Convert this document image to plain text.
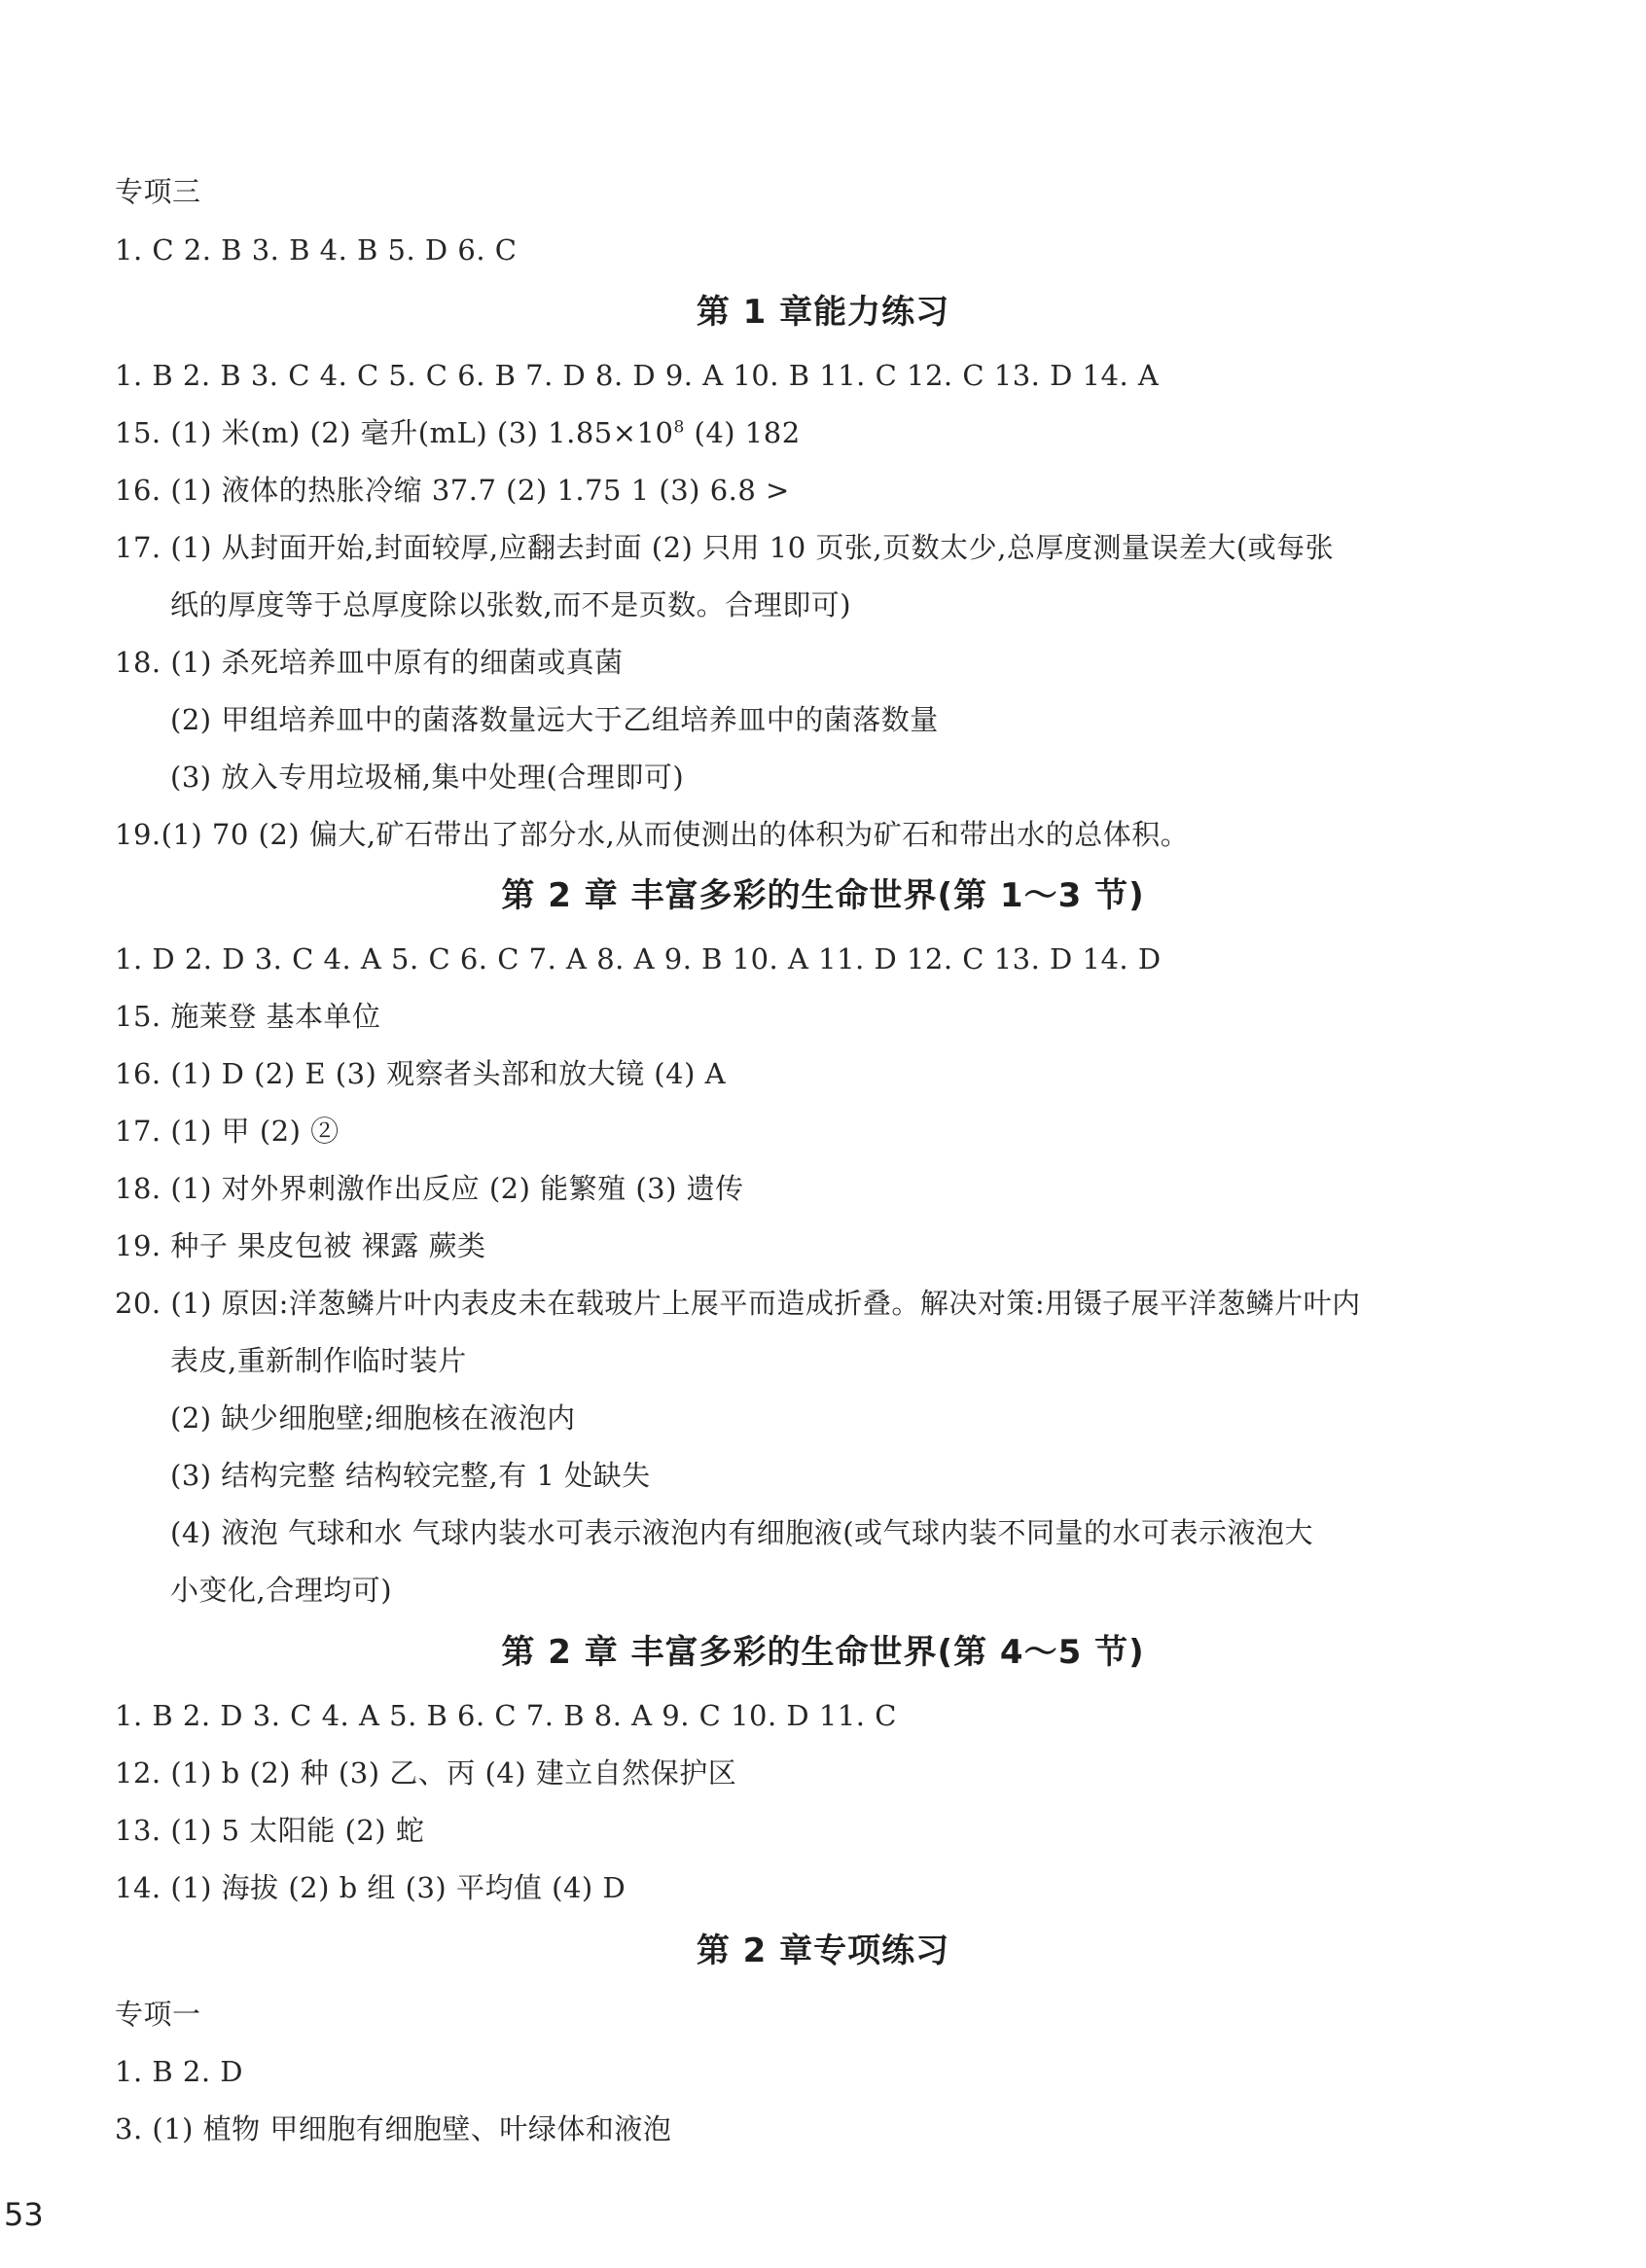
专项三
1. C 2. B 3. B 4. B 5. D 6. C
第 1 章能力练习
1. B 2. B 3. C 4. C 5. C 6. B 7. D 8. D 9. A 10. B 11. C 12. C 13. D 14. A
15. (1) 米(m) (2) 毫升(mL) (3) $1.85\times 10^8$ (4) 182
16. (1) 液体的热胀冷缩 37.7 (2) 1.75 1 (3) 6.8 >
17. (1) 从封面开始,封面较厚,应翻去封面 (2) 只用 10 页张,页数太少,总厚度测量误差大(或每张
纸的厚度等于总厚度除以张数,而不是页数。合理即可)
18. (1) 杀死培养皿中原有的细菌或真菌
(2) 甲组培养皿中的菌落数量远大于乙组培养皿中的菌落数量
(3) 放入专用垃圾桶,集中处理(合理即可)
19.(1) 70 (2) 偏大,矿石带出了部分水,从而使测出的体积为矿石和带出水的总体积。
第 2 章 丰富多彩的生命世界(第 1～3 节)
1. D 2. D 3. C 4. A 5. C 6. C 7. A 8. A 9. B 10. A 11. D 12. C 13. D 14. D
15. 施莱登 基本单位
16. (1) D (2) E (3) 观察者头部和放大镜 (4) A
17. (1) 甲 (2) ②
18. (1) 对外界刺激作出反应 (2) 能繁殖 (3) 遗传
19. 种子 果皮包被 裸露 蕨类
20. (1) 原因:洋葱鳞片叶内表皮未在载玻片上展平而造成折叠。解决对策:用镊子展平洋葱鳞片叶内
表皮,重新制作临时装片
(2) 缺少细胞壁;细胞核在液泡内
(3) 结构完整 结构较完整,有 1 处缺失
(4) 液泡 气球和水 气球内装水可表示液泡内有细胞液(或气球内装不同量的水可表示液泡大
小变化,合理均可)
第 2 章 丰富多彩的生命世界(第 4～5 节)
1. B 2. D 3. C 4. A 5. B 6. C 7. B 8. A 9. C 10. D 11. C
12. (1) b (2) 种 (3) 乙、丙 (4) 建立自然保护区
13. (1) 5 太阳能 (2) 蛇
14. (1) 海拔 (2) b 组 (3) 平均值 (4) D
第 2 章专项练习
专项一
1. B 2. D
3. (1) 植物 甲细胞有细胞壁、叶绿体和液泡
53
